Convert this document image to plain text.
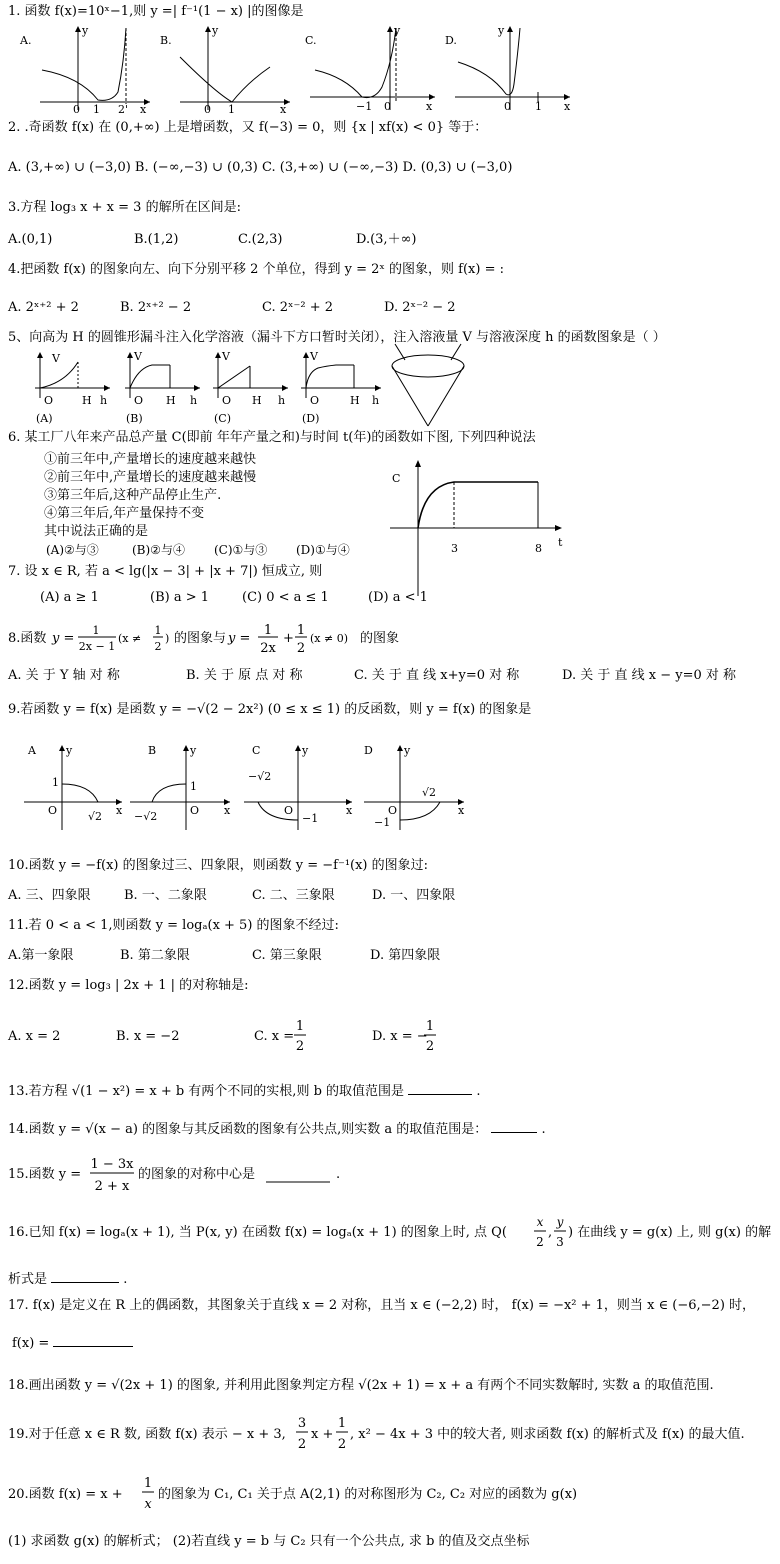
1. 函数 f(x)=10ˣ−1,则 y =| f⁻¹(1 − x) |的图像是
A.
y
x
0 1 2'
B.
y
x
0 1
C.
y
x
−1 0
D.
y
x
0 1
2. .奇函数 f(x) 在 (0,+∞) 上是增函数，又 f(−3) = 0，则 {x | xf(x) < 0} 等于：
A. (3,+∞) ∪ (−3,0) B. (−∞,−3) ∪ (0,3) C. (3,+∞) ∪ (−∞,−3) D. (0,3) ∪ (−3,0)
3.方程 log₃ x + x = 3 的解所在区间是:
A.(0,1)	B.(1,2)	C.(2,3)	D.(3,＋∞)
4.把函数 f(x) 的图象向左、向下分别平移 2 个单位，得到 y = 2ˣ 的图象，则 f(x) = :
A. 2ˣ⁺² + 2	B. 2ˣ⁺² − 2	C. 2ˣ⁻² + 2	D. 2ˣ⁻² − 2
5、向高为 H 的圆锥形漏斗注入化学溶液（漏斗下方口暂时关闭），注入溶液量 V 与溶液深度 h 的函数图象是（ ）
V
O	H h
(A)
V
O H h
(B)
V
O H h
(C)
V
O	H h
(D)
6. 某工厂八年来产品总产量 C(即前 年年产量之和)与时间 t(年)的函数如下图, 下列四种说法
①前三年中,产量增长的速度越来越快
②前三年中,产量增长的速度越来越慢
③第三年后,这种产品停止生产.
④第三年后,年产量保持不变
其中说法正确的是
(A)②与③	(B)②与④ (C)①与③ (D)①与④
C
t
3	8
7. 设 x ∈ R, 若 a < lg(|x − 3| + |x + 7|) 恒成立, 则
(A) a ≥ 1	(B) a > 1	(C) 0 < a ≤ 1	(D) a < 1
8.函数 y =
1
2x − 1
(x ≠
1
2
) 的图象与 y =
1
2x
+
1
2
(x ≠ 0) 的图象
A. 关 于 Y 轴 对 称	B. 关 于 原 点 对 称	C. 关 于 直 线 x+y=0 对 称	D. 关 于 直 线 x − y=0 对 称
9.若函数 y = f(x) 是函数 y = −√(2 − 2x²) (0 ≤ x ≤ 1) 的反函数，则 y = f(x) 的图象是
A	y
x
1
O	√2
B	y
x
1
−√2	O
C	y
x
−√2
O
−1
D	y
x
√2
O
−1
10.函数 y = −f(x) 的图象过三、四象限，则函数 y = −f⁻¹(x) 的图象过:
A. 三、四象限	B. 一、二象限	C. 二、三象限	D. 一、四象限
11.若 0 < a < 1,则函数 y = logₐ(x + 5) 的图象不经过:
A.第一象限	B. 第二象限	C. 第三象限	D. 第四象限
12.函数 y = log₃ | 2x + 1 | 的对称轴是:
A. x = 2	B. x = −2	C. x =
1
2
D. x = −
1
2
13.若方程 √(1 − x²) = x + b 有两个不同的实根,则 b 的取值范围是	.
14.函数 y = √(x − a) 的图象与其反函数的图象有公共点,则实数 a 的取值范围是：	.
15.函数 y =
1 − 3x
2 + x
的图象的对称中心是	.
16.已知 f(x) = logₐ(x + 1), 当 P(x, y) 在函数 f(x) = logₐ(x + 1) 的图象上时, 点 Q(
x
2
,
y
3
) 在曲线 y = g(x) 上, 则 g(x) 的解
析式是	.
17. f(x) 是定义在 R 上的偶函数，其图象关于直线 x = 2 对称，且当 x ∈ (−2,2) 时， f(x) = −x² + 1，则当 x ∈ (−6,−2) 时，
f(x) =
18.画出函数 y = √(2x + 1) 的图象, 并利用此图象判定方程 √(2x + 1) = x + a 有两个不同实数解时, 实数 a 的取值范围.
19.对于任意 x ∈ R 数, 函数 f(x) 表示 − x + 3,
3
2
x +
1
2
, x² − 4x + 3 中的较大者, 则求函数 f(x) 的解析式及 f(x) 的最大值.
20.函数 f(x) = x +
1
x
的图象为 C₁, C₁ 关于点 A(2,1) 的对称图形为 C₂, C₂ 对应的函数为 g(x)
(1) 求函数 g(x) 的解析式； (2)若直线 y = b 与 C₂ 只有一个公共点, 求 b 的值及交点坐标
